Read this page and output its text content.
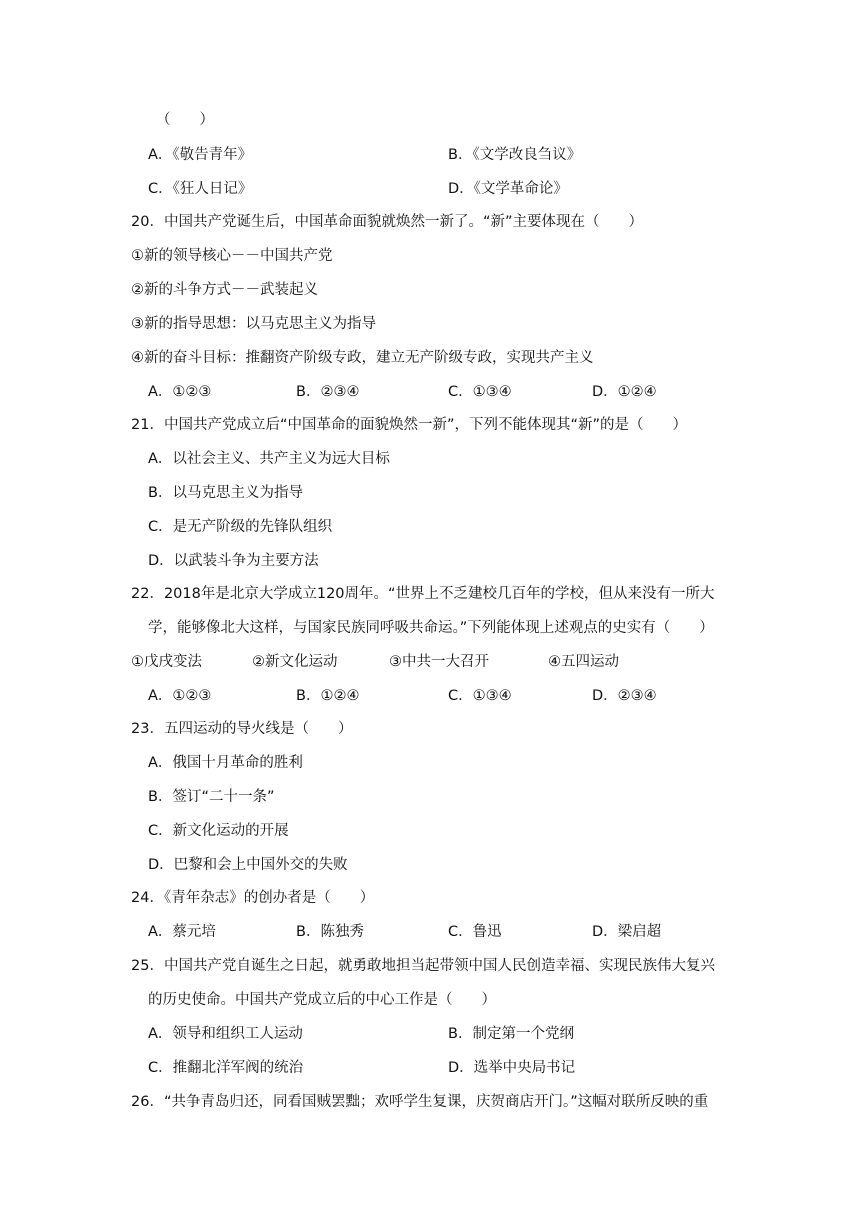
（　　）
A．《敬告青年》	B．《文学改良刍议》
C．《狂人日记》	D．《文学革命论》
20．中国共产党诞生后，中国革命面貌就焕然一新了。“新”主要体现在（　　）
①新的领导核心－－中国共产党
②新的斗争方式－－武装起义
③新的指导思想：以马克思主义为指导
④新的奋斗目标：推翻资产阶级专政，建立无产阶级专政，实现共产主义
A．①②③	B．②③④	C．①③④	D．①②④
21．中国共产党成立后“中国革命的面貌焕然一新”，下列不能体现其“新”的是（　　）
A．以社会主义、共产主义为远大目标
B．以马克思主义为指导
C．是无产阶级的先锋队组织
D．以武装斗争为主要方法
22．2018年是北京大学成立120周年。“世界上不乏建校几百年的学校，但从来没有一所大
学，能够像北大这样，与国家民族同呼吸共命运。”下列能体现上述观点的史实有（　　）
①戊戌变法	②新文化运动	③中共一大召开	④五四运动
A．①②③	B．①②④	C．①③④	D．②③④
23．五四运动的导火线是（　　）
A．俄国十月革命的胜利
B．签订“二十一条”
C．新文化运动的开展
D．巴黎和会上中国外交的失败
24．《青年杂志》的创办者是（　　）
A．蔡元培	B．陈独秀	C．鲁迅	D．梁启超
25．中国共产党自诞生之日起，就勇敢地担当起带领中国人民创造幸福、实现民族伟大复兴
的历史使命。中国共产党成立后的中心工作是（　　）
A．领导和组织工人运动	B．制定第一个党纲
C．推翻北洋军阀的统治	D．选举中央局书记
26．“共争青岛归还，同看国贼罢黜；欢呼学生复课，庆贺商店开门。”这幅对联所反映的重
